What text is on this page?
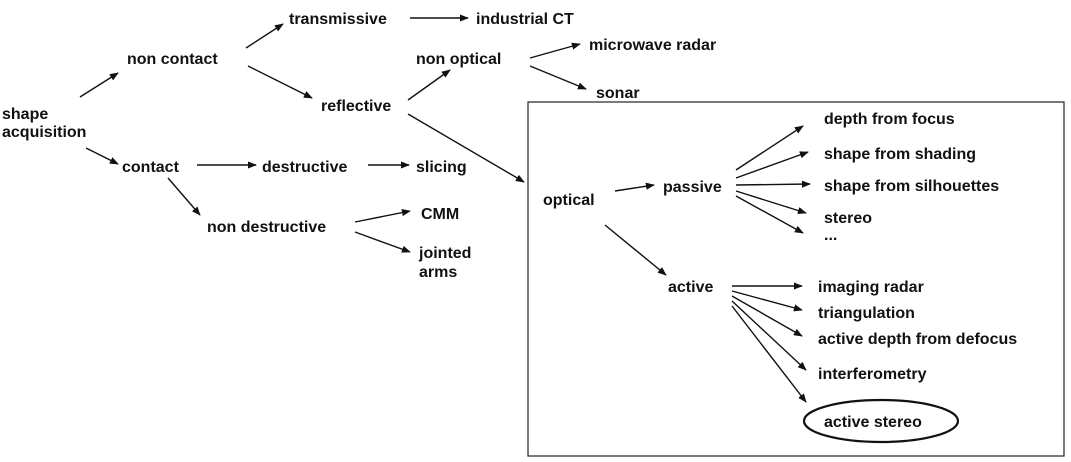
shape
acquisition
non contact
contact
transmissive	industrial CT
reflective
non optical
microwave radar
sonar
destructive	slicing
non destructive
CMM
jointed
arms
optical
passive
depth from focus
shape from shading
shape from silhouettes
stereo
...
active	imaging radar
triangulation
active depth from defocus
interferometry
active stereo
